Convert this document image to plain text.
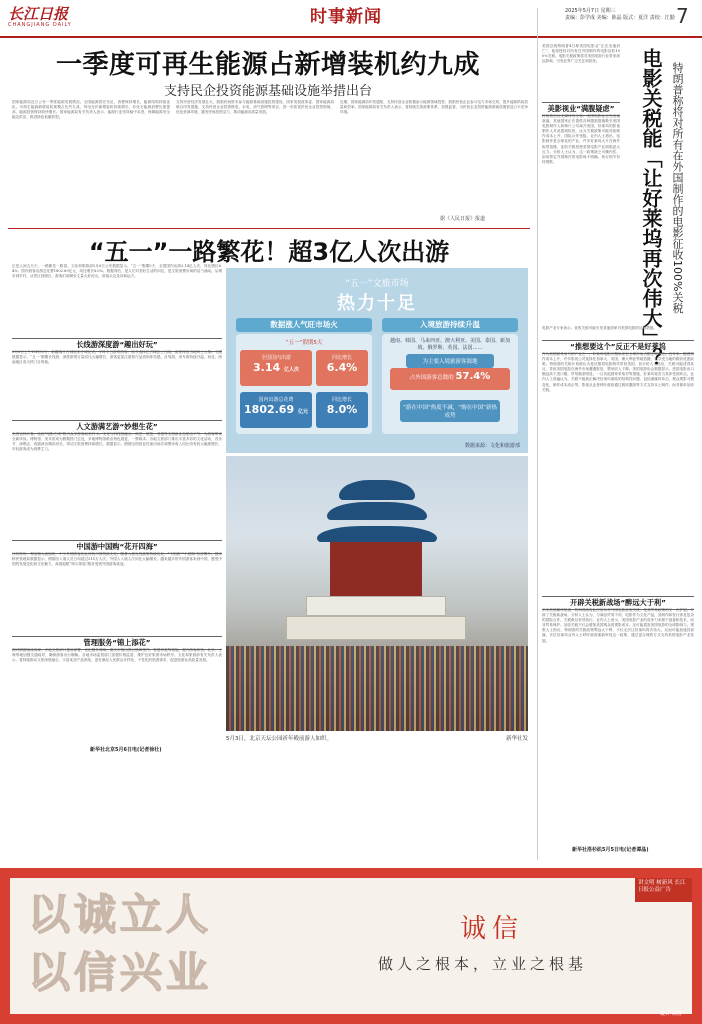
长江日报
CHANGJIANG DAILY	时事新闻	2025年5月7日 星期三
责编：彭学成 美编：陈晶 版式：夏洋 责校：江勤 7
一季度可再生能源占新增装机约九成
支持民企投资能源基础设施举措出台
国家能源局近日公布一季度能源发展情况。全国能源供应充足，消费保持增长，能源结构持续优化。可再生能源新增装机规模占比约九成，风电光伏新增装机持续增长，非化石能源消费比重提高，能源投资保持较快增长。国家能源局有关负责人表示，能源行业坚持稳中求进，保障能源安全稳定供应，推进绿色低碳转型。
支持民营经济发展壮大，鼓励民间资本参与能源基础设施投资建设。国家发展改革委、国家能源局联合印发措施，支持民营企业投资核电、水电、油气管网等项目，进一步拓宽民营企业投资领域，优化营商环境，激发民间投资活力，推动能源高质量发展。
近期，国家能源局印发通知，支持民营企业积极参与能源领域投资，鼓励民营企业参与电力市场交易，提升能源供给质量和效率。国家能源局有关负责人表示，将持续完善政策体系，加强监管，为民营企业投资能源基础设施营造公平竞争环境。
据《人民日报》报道
美国总统特朗普4日称美国电影业“正在迅速消亡”，他将授权对所有在外国制作的电影征收100%关税。电影关税政策将对美国电影行业带来深远影响，引发业界广泛关注和担忧。
美影视业“满腹疑虑”
特朗普在社交媒体发文称，美国电影业正在迅速衰落，其他国家正在提供各种激励措施吸引美国电影制作人和制片公司离开美国。好莱坞的影视制作人对此感到担忧，认为关税政策可能导致制作成本上升、国际合作受阻。业内人士指出，电影制作是全球化的产业，许多好莱坞大片在海外取景拍摄，征收关税将使美国电影产业面临更大压力。分析人士认为，这一政策缺乏可操作性，如何界定外国制作的电影尚不明确，执行细节有待观察。	电影关税能「让好莱坞再次伟大」？ 特朗普称将对所有在外国制作的电影征收100%关税
电影产业专家表示，征收关税可能引发其他国家对美国电影的反制措施。
“推想要这个”反正不是好莱坞
作为美国最具实力的产业之一，好莱坞电影长期以来在全球市场占据主导地位。近年来，随着制作成本上升，许多影视公司选择在加拿大、英国、澳大利亚等地拍摄，以享受当地的税收优惠政策。特朗普的关税计划被认为是试图将电影制作带回美国，但分析人士指出，关税可能适得其反，导致美国电影在海外市场遭遇报复，票房收入下降。美国电影协会数据显示，美国电影出口额远高于进口额，贸易顺差明显。一旦其他国家采取对等措施，好莱坞将首当其冲受到冲击。业内人士普遍认为，关税不能真正解决好莱坞面临的结构性问题，包括流媒体冲击、观众观影习惯变化、制作成本高企等。影视从业者呼吁政府通过税收激励等方式支持本土制作，而非简单征收关税。
开辟关税新战场“醉远大于利”
多家美国媒体报道，特朗普政府此次宣布对外国电影征收关税，是其贸易政策的又一次扩展，开辟了关税新战场。分析人士认为，与商品贸易不同，电影作为文化产品，其制作和发行涉及复杂的国际合作，关税难以有效执行。业内人士表示，美国电影产业的竞争力来源于创意和技术，而非贸易保护。征收关税不仅会增加美国观众的观影成本，还可能损害美国电影的全球影响力。观察人士指出，特朗普的关税政策弊远大于利，不仅无法让好莱坞再次伟大，反而可能加速其衰落。多位好莱坞业内人士呼吁政府重新审视这一政策，通过更合理的方式支持美国电影产业发展。
新华社洛杉矶5月5日电(记者谭晶)
“五一”一路繁花！超3亿人次出游
正是人间五月天，一路繁花一路春。文化和旅游部5月6日公布数据显示，“五一”假期5天，全国国内出游3.14亿人次，同比增长6.4%；国内游客出游总花费1802.69亿元，同比增长8.0%。数据背后，是人们对美好生活的向往，是文旅消费市场的活力涌动。从城市到乡村，从景区到街区，游客们用脚步丈量大好河山，用镜头记录诗和远方。
长线游深度游“趣出好玩”
5月3日上午10时30分，新疆喀什古城迎来开城仪式。平时半日游的游客，如今选择在古城住上几晚，深度体验当地风土人情。飞猪数据显示，“五一”假期长线游、深度游预订量同比大幅增长，游客更加注重旅行品质和体验感，自驾游、房车游持续升温，西北、西南地区成为热门目的地。
人文游满艺游“妙想生花”
走进吉林长春，这座“电影之城”吸引众多游客前来打卡。文化与科技相融合，演艺、展览、非遗等文旅新业态层出不穷，为游客带来全新体验。博物馆、美术馆成为假期热门去处，多地博物馆推出特色展览，一票难求。各地文旅部门推出丰富多彩的文化活动，音乐节、演唱会、戏剧演出精彩纷呈，带动文旅消费持续增长。数据显示，假期全国营业性演出场次和票房收入同比均有较大幅度增长，年轻游客成为消费主力。
中国游中国购“花开四海”
江苏苏州，观前街人流如织，不少外国游客在此体验中国传统文化。随着入境免签政策持续优化，“中国游”“中国购”热度攀升。国家移民管理局数据显示，假期出入境人员日均超过215万人次，外国人入境人次同比大幅增长。越来越多的外国游客来到中国，感受中国的发展变化和文化魅力，离境退税“即买即退”服务受到外国游客欢迎。
管理服务“锦上添花”
面对假期客流高峰，多地文旅部门提前部署，优化服务保障。重庆市推出景区错峰预约、智慧导览等措施，提升游客体验。北京、上海等地加强交通疏导，确保游客出行顺畅。各地市场监管部门加强价格监管，维护良好旅游市场秩序。文化和旅游部有关负责人表示，将持续推动文旅深度融合，丰富优质产品供给，更好满足人民群众多样化、个性化的旅游需求，促进旅游业高质量发展。
新华社北京5月6日电(记者徐壮)
“五一”文旅市场
热力十足
数据涨人气旺市场火
“五一”假期5天
全国国内出游
3.14 亿人次
同比增长
6.4%
国内出游总花费
1802.69 亿元
同比增长
8.0%
入境旅游持续升温
越南、韩国、马来西亚、澳大利亚、美国、泰国、新加坡、俄罗斯、英国、法国……
为主要入境旅游客源地
占外国游客总数的 57.4%
“游在中国”热度不减，“购在中国”新热成势
数据来源：文化和旅游部
5月3日，北京天坛公园祈年殿前游人如织。	新华社发
以诚立人以信兴业
诚信
做人之根本，立业之根基
讲文明 树新风 长江日报公益广告
设计 刘蓓
